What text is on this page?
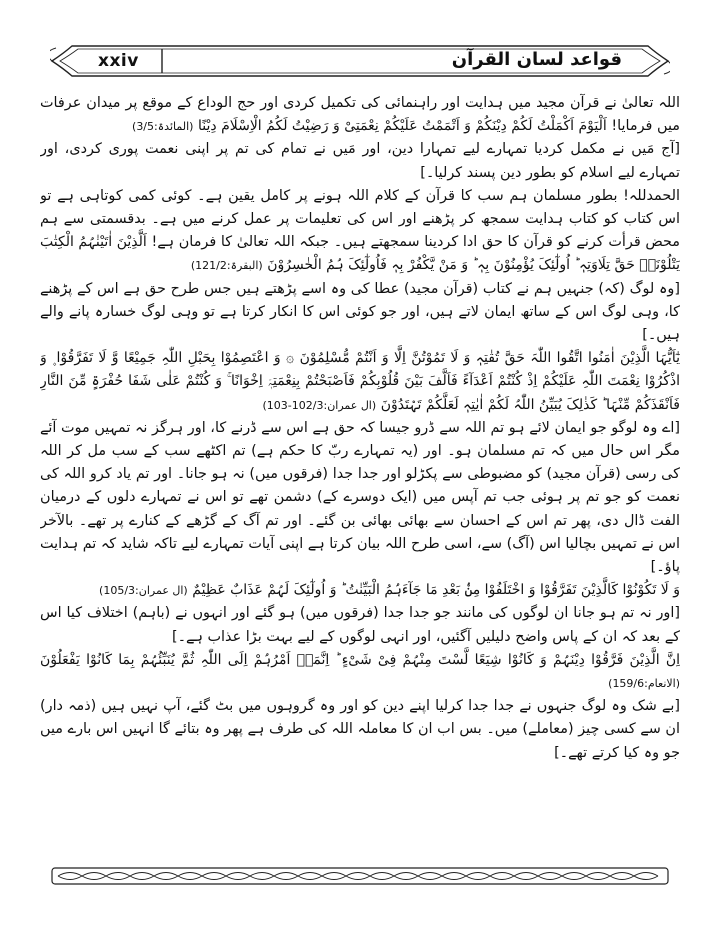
xxiv	قواعد لسان القرآن

اللہ تعالیٰ نے قرآن مجید میں ہدایت اور راہنمائی کی تکمیل کردی اور حج الوداع کے موقع پر میدان عرفات میں فرمایا! اَلْیَوْمَ اَکْمَلْتُ لَکُمْ دِیْنَکُمْ وَ اَتْمَمْتُ عَلَیْکُمْ نِعْمَتِیْ وَ رَضِیْتُ لَکُمُ الْاِسْلَامَ دِیْنًا (المائدۃ:3/5)

[آج مَیں نے مکمل کردیا تمہارے لیے تمہارا دین، اور مَیں نے تمام کی تم پر اپنی نعمت پوری کردی، اور تمہارے لیے اسلام کو بطور دین پسند کرلیا۔]

الحمدللہ! بطور مسلمان ہم سب کا قرآن کے کلام اللہ ہونے پر کامل یقین ہے۔ کوئی کمی کوتاہی ہے تو اس کتاب کو کتاب ہدایت سمجھ کر پڑھنے اور اس کی تعلیمات پر عمل کرنے میں ہے۔ بدقسمتی سے ہم محض قرأت کرنے کو قرآن کا حق ادا کردینا سمجھتے ہیں۔ جبکہ اللہ تعالیٰ کا فرمان ہے! اَلَّذِیْنَ اٰتَیْنٰہُمُ الْکِتٰبَ یَتْلُوْنَہٗ حَقَّ تِلَاوَتِہٖ ؕ اُولٰٓئِکَ یُؤْمِنُوْنَ بِہٖ ؕ وَ مَنْ یَّکْفُرْ بِہٖ فَاُولٰٓئِکَ ہُمُ الْخٰسِرُوْنَ (البقرۃ:121/2)

[وہ لوگ (کہ) جنہیں ہم نے کتاب (قرآن مجید) عطا کی وہ اسے پڑھتے ہیں جس طرح حق ہے اس کے پڑھنے کا، وہی لوگ اس کے ساتھ ایمان لاتے ہیں، اور جو کوئی اس کا انکار کرتا ہے تو وہی لوگ خسارہ پانے والے ہیں۔]

یٰٓاَیُّہَا الَّذِیْنَ اٰمَنُوا اتَّقُوا اللّٰہَ حَقَّ تُقٰتِہٖ وَ لَا تَمُوْتُنَّ اِلَّا وَ اَنْتُمْ مُّسْلِمُوْنَ ۞ وَ اعْتَصِمُوْا بِحَبْلِ اللّٰہِ جَمِیْعًا وَّ لَا تَفَرَّقُوْا ۪ وَ اذْکُرُوْا نِعْمَتَ اللّٰہِ عَلَیْکُمْ اِذْ کُنْتُمْ اَعْدَآءً فَاَلَّفَ بَیْنَ قُلُوْبِکُمْ فَاَصْبَحْتُمْ بِنِعْمَتِہٖۤ اِخْوَانًا ۚ وَ کُنْتُمْ عَلٰی شَفَا حُفْرَۃٍ مِّنَ النَّارِ فَاَنْقَذَکُمْ مِّنْہَا ؕ کَذٰلِکَ یُبَیِّنُ اللّٰہُ لَکُمْ اٰیٰتِہٖ لَعَلَّکُمْ تَہْتَدُوْنَ (ال عمران:102/3-103)

[اے وہ لوگو جو ایمان لائے ہو تم اللہ سے ڈرو جیسا کہ حق ہے اس سے ڈرنے کا، اور ہرگز نہ تمہیں موت آئے مگر اس حال میں کہ تم مسلمان ہو۔ اور (یہ تمہارے ربّ کا حکم ہے) تم اکٹھے سب کے سب مل کر اللہ کی رسی (قرآن مجید) کو مضبوطی سے پکڑلو اور جدا جدا (فرقوں میں) نہ ہو جانا۔ اور تم یاد کرو اللہ کی نعمت کو جو تم پر ہوئی جب تم آپس میں (ایک دوسرے کے) دشمن تھے تو اس نے تمہارے دلوں کے درمیان الفت ڈال دی، پھر تم اس کے احسان سے بھائی بھائی بن گئے۔ اور تم آگ کے گڑھے کے کنارے پر تھے۔ بالآخر اس نے تمہیں بچالیا اس (آگ) سے، اسی طرح اللہ بیان کرتا ہے اپنی آیات تمہارے لیے تاکہ شاید کہ تم ہدایت پاؤ۔]

وَ لَا تَکُوْنُوْا کَالَّذِیْنَ تَفَرَّقُوْا وَ اخْتَلَفُوْا مِنْۢ بَعْدِ مَا جَآءَہُمُ الْبَیِّنٰتُ ؕ وَ اُولٰٓئِکَ لَہُمْ عَذَابٌ عَظِیْمٌ (ال عمران:105/3)

[اور نہ تم ہو جانا ان لوگوں کی مانند جو جدا جدا (فرقوں میں) ہو گئے اور انہوں نے (باہم) اختلاف کیا اس کے بعد کہ ان کے پاس واضح دلیلیں آگئیں، اور انہی لوگوں کے لیے بہت بڑا عذاب ہے۔]

اِنَّ الَّذِیْنَ فَرَّقُوْا دِیْنَہُمْ وَ کَانُوْا شِیَعًا لَّسْتَ مِنْہُمْ فِیْ شَیْءٍ ؕ اِنَّمَاۤ اَمْرُہُمْ اِلَی اللّٰہِ ثُمَّ یُنَبِّئُہُمْ بِمَا کَانُوْا یَفْعَلُوْنَ (الانعام:159/6)

[بے شک وہ لوگ جنہوں نے جدا جدا کرلیا اپنے دین کو اور وہ گروہوں میں بٹ گئے، آپ نہیں ہیں (ذمہ دار) ان سے کسی چیز (معاملے) میں۔ بس اب ان کا معاملہ اللہ کی طرف ہے پھر وہ بتائے گا انہیں اس بارے میں جو وہ کیا کرتے تھے۔]
